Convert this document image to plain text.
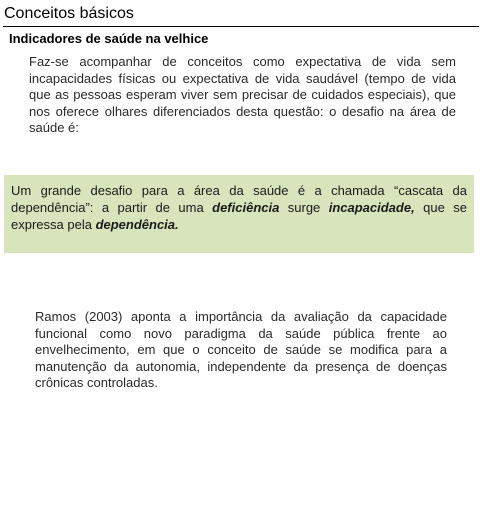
Conceitos básicos
Indicadores de saúde na velhice
Faz-se acompanhar de conceitos como expectativa de vida sem incapacidades físicas ou expectativa de vida saudável (tempo de vida que as pessoas esperam viver sem precisar de cuidados especiais), que nos oferece olhares diferenciados desta questão: o desafio na área de saúde é:
Um grande desafio para a área da saúde é a chamada “cascata da dependência”: a partir de uma deficiência surge incapacidade, que se expressa pela dependência.
Ramos (2003) aponta a importância da avaliação da capacidade funcional como novo paradigma da saúde pública frente ao envelhecimento, em que o conceito de saúde se modifica para a manutenção da autonomia, independente da presença de doenças crônicas controladas.
